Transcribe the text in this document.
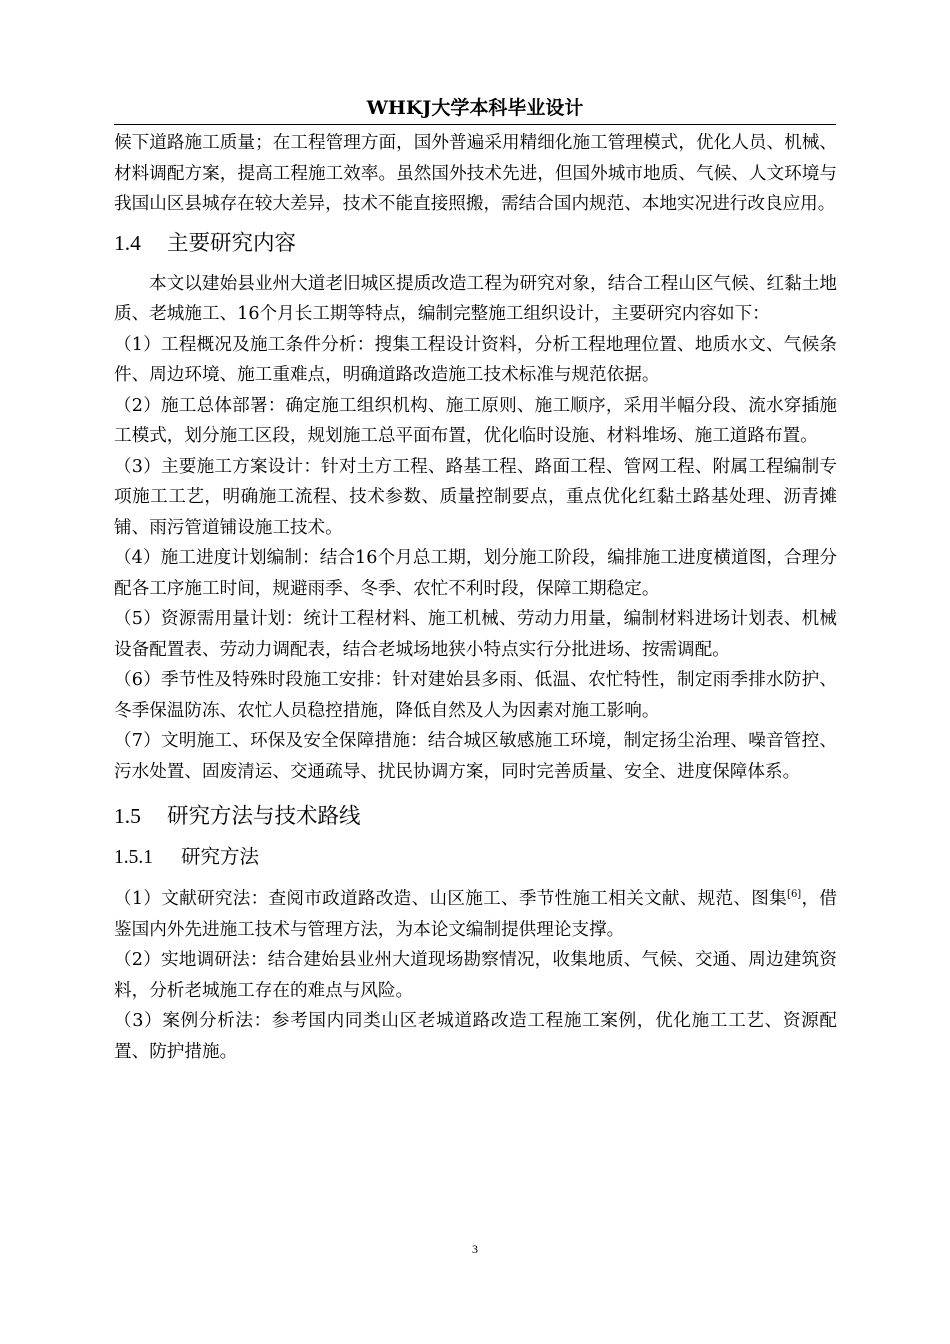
WHKJ大学本科毕业设计

候下道路施工质量；在工程管理方面，国外普遍采用精细化施工管理模式，优化人员、机械、材料调配方案，提高工程施工效率。虽然国外技术先进，但国外城市地质、气候、人文环境与我国山区县城存在较大差异，技术不能直接照搬，需结合国内规范、本地实况进行改良应用。

1.4 主要研究内容

本文以建始县业州大道老旧城区提质改造工程为研究对象，结合工程山区气候、红黏土地质、老城施工、16个月长工期等特点，编制完整施工组织设计，主要研究内容如下：

（1）工程概况及施工条件分析：搜集工程设计资料，分析工程地理位置、地质水文、气候条件、周边环境、施工重难点，明确道路改造施工技术标准与规范依据。

（2）施工总体部署：确定施工组织机构、施工原则、施工顺序，采用半幅分段、流水穿插施工模式，划分施工区段，规划施工总平面布置，优化临时设施、材料堆场、施工道路布置。

（3）主要施工方案设计：针对土方工程、路基工程、路面工程、管网工程、附属工程编制专项施工工艺，明确施工流程、技术参数、质量控制要点，重点优化红黏土路基处理、沥青摊铺、雨污管道铺设施工技术。

（4）施工进度计划编制：结合16个月总工期，划分施工阶段，编排施工进度横道图，合理分配各工序施工时间，规避雨季、冬季、农忙不利时段，保障工期稳定。

（5）资源需用量计划：统计工程材料、施工机械、劳动力用量，编制材料进场计划表、机械设备配置表、劳动力调配表，结合老城场地狭小特点实行分批进场、按需调配。

（6）季节性及特殊时段施工安排：针对建始县多雨、低温、农忙特性，制定雨季排水防护、冬季保温防冻、农忙人员稳控措施，降低自然及人为因素对施工影响。

（7）文明施工、环保及安全保障措施：结合城区敏感施工环境，制定扬尘治理、噪音管控、污水处置、固废清运、交通疏导、扰民协调方案，同时完善质量、安全、进度保障体系。

1.5 研究方法与技术路线
1.5.1 研究方法

（1）文献研究法：查阅市政道路改造、山区施工、季节性施工相关文献、规范、图集[6]，借鉴国内外先进施工技术与管理方法，为本论文编制提供理论支撑。

（2）实地调研法：结合建始县业州大道现场勘察情况，收集地质、气候、交通、周边建筑资料，分析老城施工存在的难点与风险。

（3）案例分析法：参考国内同类山区老城道路改造工程施工案例，优化施工工艺、资源配置、防护措施。

3
